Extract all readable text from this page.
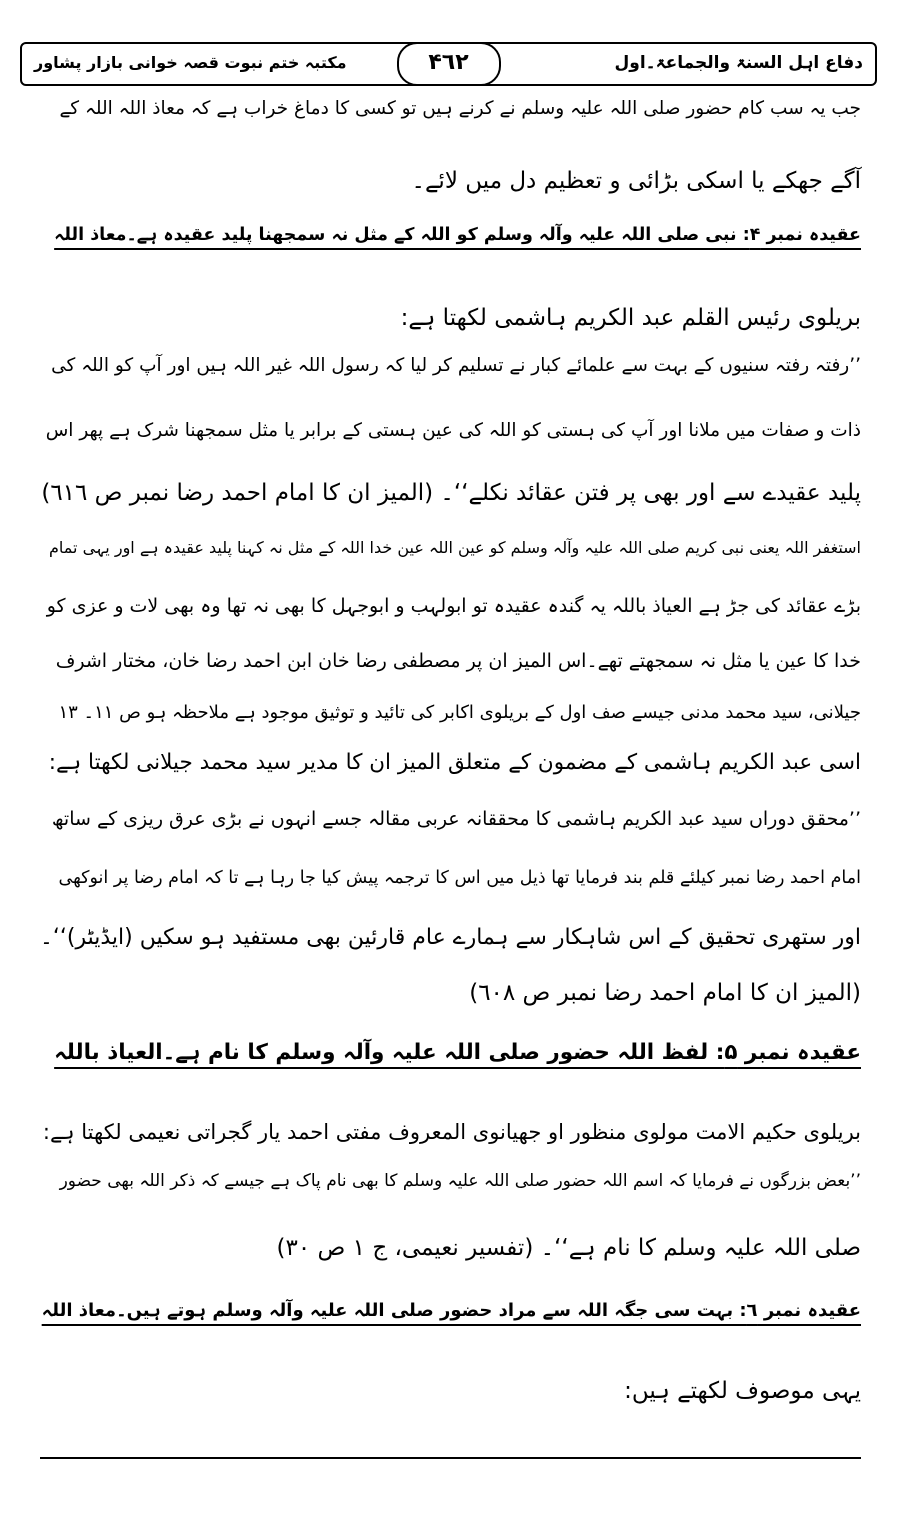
دفاع اہل السنۃ والجماعۃ۔اول
۴٦۲
مکتبہ ختم نبوت قصہ خوانی بازار پشاور
جب یہ سب کام حضور صلی اللہ علیہ وسلم نے کرنے ہیں تو کسی کا دماغ خراب ہے کہ معاذ اللہ اللہ کے
آگے جھکے یا اسکی بڑائی و تعظیم دل میں لائے۔
عقیدہ نمبر ۴: نبی صلی اللہ علیہ وآلہ وسلم کو اللہ کے مثل نہ سمجھنا پلید عقیدہ ہے۔معاذ اللہ
بریلوی رئیس القلم عبد الکریم ہاشمی لکھتا ہے:
’’رفتہ رفتہ سنیوں کے بہت سے علمائے کبار نے تسلیم کر لیا کہ رسول اللہ غیر اللہ ہیں اور آپ کو اللہ کی
ذات و صفات میں ملانا اور آپ کی ہستی کو اللہ کی عین ہستی کے برابر یا مثل سمجھنا شرک ہے پھر اس
پلید عقیدے سے اور بھی پر فتن عقائد نکلے‘‘۔ (المیز ان کا امام احمد رضا نمبر ص ٦١٦)
استغفر اللہ یعنی نبی کریم صلی اللہ علیہ وآلہ وسلم کو عین اللہ عین خدا اللہ کے مثل نہ کہنا پلید عقیدہ ہے اور یہی تمام
بڑے عقائد کی جڑ ہے العیاذ باللہ یہ گندہ عقیدہ تو ابولہب و ابوجہل کا بھی نہ تھا وہ بھی لات و عزی کو
خدا کا عین یا مثل نہ سمجھتے تھے۔اس المیز ان پر مصطفی رضا خان ابن احمد رضا خان، مختار اشرف
جیلانی، سید محمد مدنی جیسے صف اول کے بریلوی اکابر کی تائید و توثیق موجود ہے ملاحظہ ہو ص ١١۔ ١٣
اسی عبد الکریم ہاشمی کے مضمون کے متعلق المیز ان کا مدیر سید محمد جیلانی لکھتا ہے:
’’محقق دوراں سید عبد الکریم ہاشمی کا محققانہ عربی مقالہ جسے انہوں نے بڑی عرق ریزی کے ساتھ
امام احمد رضا نمبر کیلئے قلم بند فرمایا تھا ذیل میں اس کا ترجمہ پیش کیا جا رہا ہے تا کہ امام رضا پر انوکھی
اور ستھری تحقیق کے اس شاہکار سے ہمارے عام قارئین بھی مستفید ہو سکیں (ایڈیٹر)‘‘۔
(المیز ان کا امام احمد رضا نمبر ص ٦٠٨)
عقیدہ نمبر ۵: لفظ اللہ حضور صلی اللہ علیہ وآلہ وسلم کا نام ہے۔العیاذ باللہ
بریلوی حکیم الامت مولوی منظور او جھیانوی المعروف مفتی احمد یار گجراتی نعیمی لکھتا ہے:
’’بعض بزرگوں نے فرمایا کہ اسم اللہ حضور صلی اللہ علیہ وسلم کا بھی نام پاک ہے جیسے کہ ذکر اللہ بھی حضور
صلی اللہ علیہ وسلم کا نام ہے‘‘۔ (تفسیر نعیمی، ج ١ ص ٣٠)
عقیدہ نمبر ٦: بہت سی جگہ اللہ سے مراد حضور صلی اللہ علیہ وآلہ وسلم ہوتے ہیں۔معاذ اللہ
یہی موصوف لکھتے ہیں:
